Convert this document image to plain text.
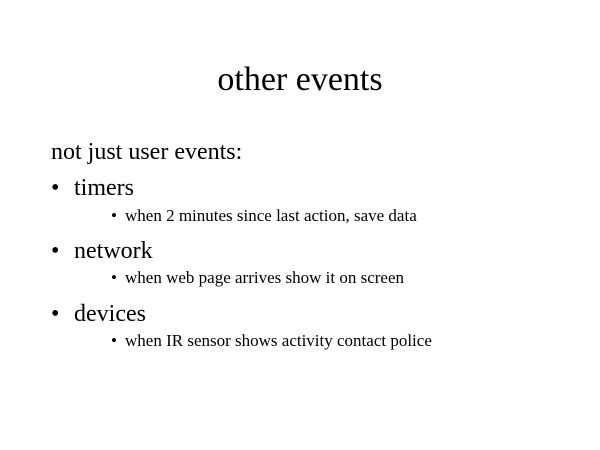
other events

not just user events:

• timers
• when 2 minutes since last action, save data
• network
• when web page arrives show it on screen
• devices
• when IR sensor shows activity contact police
